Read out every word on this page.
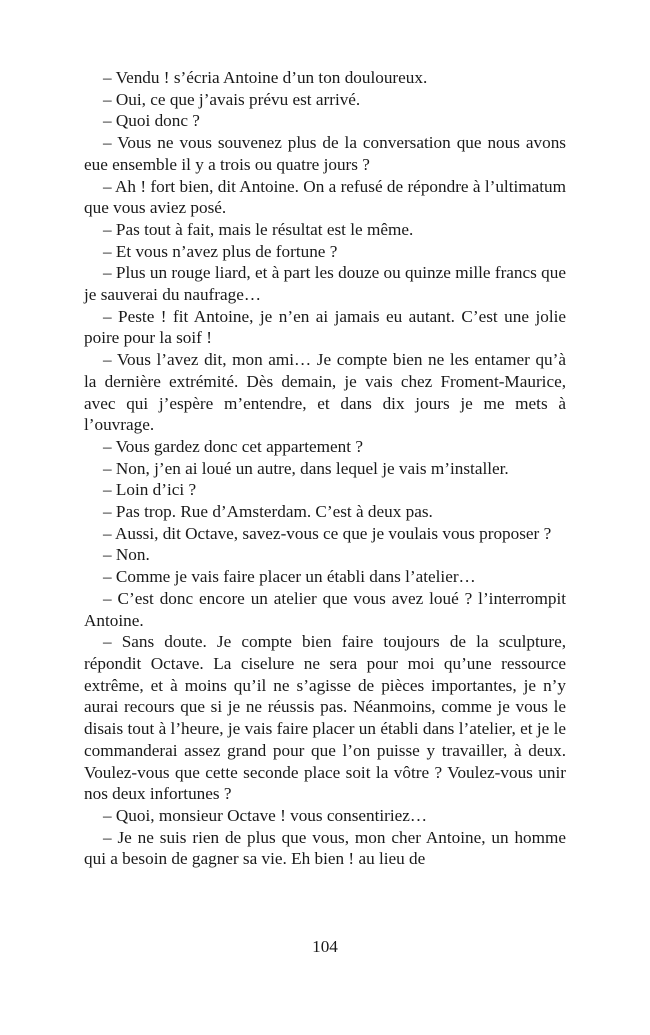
– Vendu ! s’écria Antoine d’un ton douloureux.

– Oui, ce que j’avais prévu est arrivé.

– Quoi donc ?

– Vous ne vous souvenez plus de la conversation que nous avons eue ensemble il y a trois ou quatre jours ?

– Ah ! fort bien, dit Antoine. On a refusé de répondre à l’ultimatum que vous aviez posé.

– Pas tout à fait, mais le résultat est le même.

– Et vous n’avez plus de fortune ?

– Plus un rouge liard, et à part les douze ou quinze mille francs que je sauverai du naufrage…

– Peste ! fit Antoine, je n’en ai jamais eu autant. C’est une jolie poire pour la soif !

– Vous l’avez dit, mon ami… Je compte bien ne les entamer qu’à la dernière extrémité. Dès demain, je vais chez Froment-Maurice, avec qui j’espère m’entendre, et dans dix jours je me mets à l’ouvrage.

– Vous gardez donc cet appartement ?

– Non, j’en ai loué un autre, dans lequel je vais m’installer.

– Loin d’ici ?

– Pas trop. Rue d’Amsterdam. C’est à deux pas.

– Aussi, dit Octave, savez-vous ce que je voulais vous proposer ?

– Non.

– Comme je vais faire placer un établi dans l’atelier…

– C’est donc encore un atelier que vous avez loué ? l’interrompit Antoine.

– Sans doute. Je compte bien faire toujours de la sculpture, répondit Octave. La ciselure ne sera pour moi qu’une ressource extrême, et à moins qu’il ne s’agisse de pièces importantes, je n’y aurai recours que si je ne réussis pas. Néanmoins, comme je vous le disais tout à l’heure, je vais faire placer un établi dans l’atelier, et je le commanderai assez grand pour que l’on puisse y travailler, à deux. Voulez-vous que cette seconde place soit la vôtre ? Voulez-vous unir nos deux infortunes ?

– Quoi, monsieur Octave ! vous consentiriez…

– Je ne suis rien de plus que vous, mon cher Antoine, un homme qui a besoin de gagner sa vie. Eh bien ! au lieu de

104
